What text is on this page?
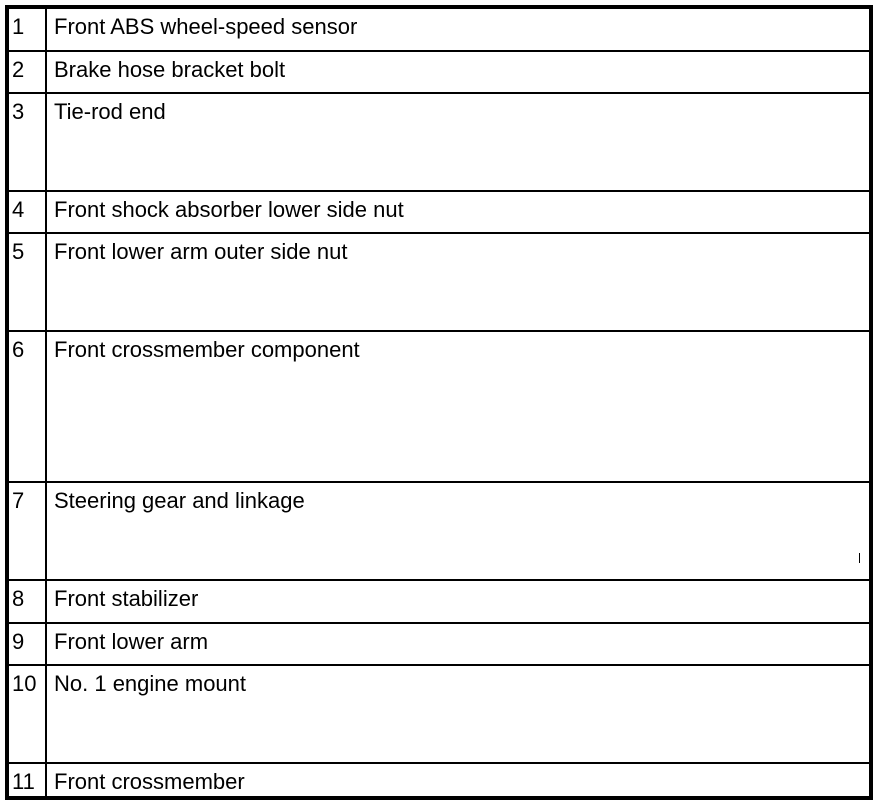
1	Front ABS wheel-speed sensor
2	Brake hose bracket bolt
3	Tie-rod end
4	Front shock absorber lower side nut
5	Front lower arm outer side nut
6	Front crossmember component
7	Steering gear and linkage
8	Front stabilizer
9	Front lower arm
10 No. 1 engine mount
11 Front crossmember
